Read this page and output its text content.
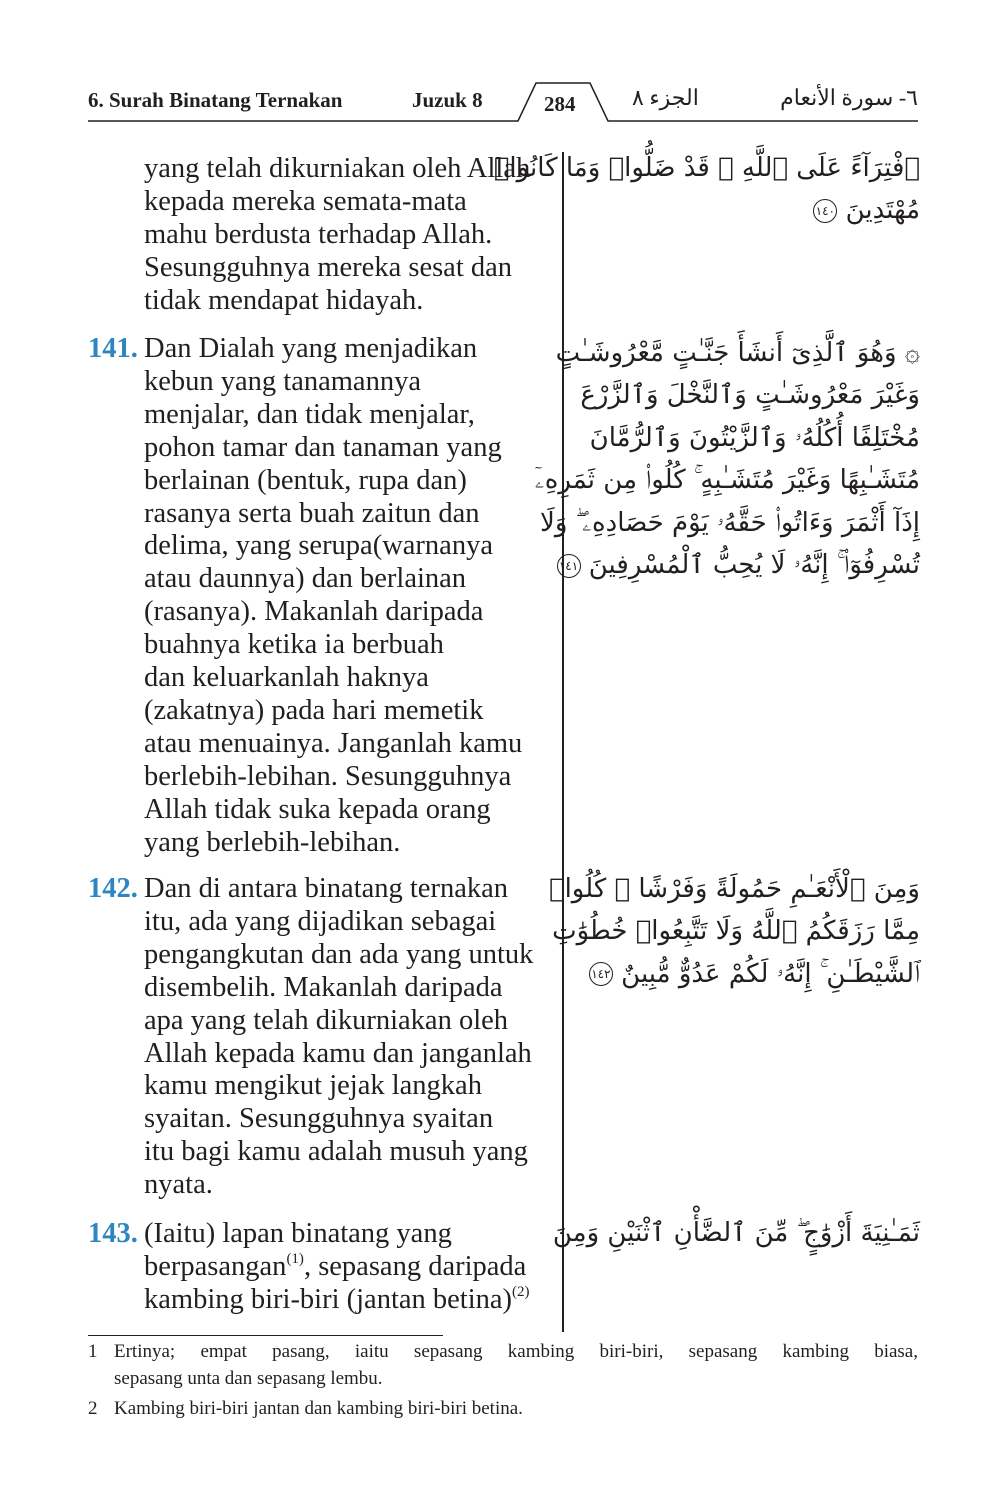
6. Surah Binatang Ternakan	Juzuk 8	284	الجزء ٨	٦- سورة الأنعام
yang telah dikurniakan oleh Allah
kepada mereka semata-mata
mahu berdusta terhadap Allah.
Sesungguhnya mereka sesat dan
tidak mendapat hidayah.
ٱفْتِرَآءً عَلَى ٱللَّهِ ۚ قَدْ ضَلُّوا۟ وَمَا كَانُوا۟
مُهْتَدِينَ ١٤٠
141. Dan Dialah yang menjadikan
kebun yang tanamannya
menjalar, dan tidak menjalar,
pohon tamar dan tanaman yang
berlainan (bentuk, rupa dan)
rasanya serta buah zaitun dan
delima, yang serupa(warnanya
atau daunnya) dan berlainan
(rasanya). Makanlah daripada
buahnya ketika ia berbuah
dan keluarkanlah haknya
(zakatnya) pada hari memetik
atau menuainya. Janganlah kamu
berlebih-lebihan. Sesungguhnya
Allah tidak suka kepada orang
yang berlebih-lebihan.
۞ وَهُوَ ٱلَّذِىٓ أَنشَأَ جَنَّـٰتٍ مَّعْرُوشَـٰتٍ
وَغَيْرَ مَعْرُوشَـٰتٍ وَٱلنَّخْلَ وَٱلزَّرْعَ
مُخْتَلِفًا أُكُلُهُۥ وَٱلزَّيْتُونَ وَٱلرُّمَّانَ
مُتَشَـٰبِهًا وَغَيْرَ مُتَشَـٰبِهٍ ۚ كُلُوا۟ مِن ثَمَرِهِۦٓ
إِذَآ أَثْمَرَ وَءَاتُوا۟ حَقَّهُۥ يَوْمَ حَصَادِهِۦ ۖ وَلَا
تُسْرِفُوٓا۟ ۚ إِنَّهُۥ لَا يُحِبُّ ٱلْمُسْرِفِينَ ١٤١
142. Dan di antara binatang ternakan
itu, ada yang dijadikan sebagai
pengangkutan dan ada yang untuk
disembelih. Makanlah daripada
apa yang telah dikurniakan oleh
Allah kepada kamu dan janganlah
kamu mengikut jejak langkah
syaitan. Sesungguhnya syaitan
itu bagi kamu adalah musuh yang
nyata.
وَمِنَ ٱلْأَنْعَـٰمِ حَمُولَةً وَفَرْشًا ۚ كُلُوا۟
مِمَّا رَزَقَكُمُ ٱللَّهُ وَلَا تَتَّبِعُوا۟ خُطُوَٰتِ
ٱلشَّيْطَـٰنِ ۚ إِنَّهُۥ لَكُمْ عَدُوٌّ مُّبِينٌ ١٤٢
143. (Iaitu) lapan binatang yang
berpasangan$^{(1)}$, sepasang daripada
kambing biri-biri (jantan betina)$^{(2)}$
ثَمَـٰنِيَةَ أَزْوَٰجٍ ۖ مِّنَ ٱلضَّأْنِ ٱثْنَيْنِ وَمِنَ
1 Ertinya; empat pasang, iaitu sepasang kambing biri-biri, sepasang kambing biasa,
sepasang unta dan sepasang lembu.
2 Kambing biri-biri jantan dan kambing biri-biri betina.
